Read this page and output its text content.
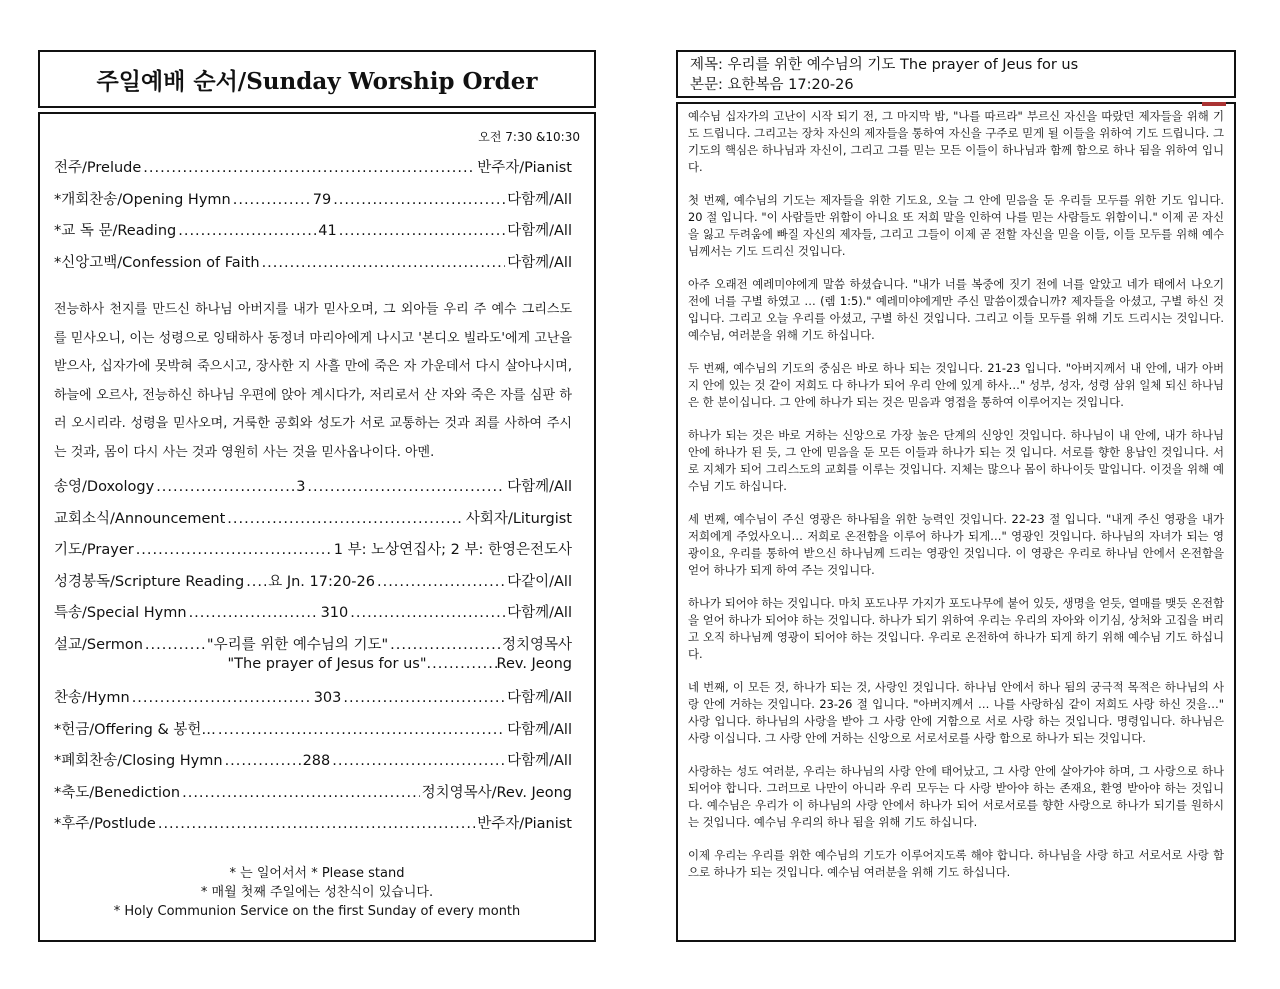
주일예배 순서/Sunday Worship Order
오전 7:30 &10:30
전주/Prelude .....	반주자/Pianist
*개회찬송/Opening Hymn .....	79 .....	다함께/All
*교 독 문/Reading .....	41 .....	다함께/All
*신앙고백/Confession of Faith .....	다함께/All
전능하사 천지를 만드신 하나님 아버지를 내가 믿사오며, 그 외아들 우리 주 예수 그리스도를 믿사오니, 이는 성령으로 잉태하사 동정녀 마리아에게 나시고 '본디오 빌라도'에게 고난을 받으사, 십자가에 못박혀 죽으시고, 장사한 지 사흘 만에 죽은 자 가운데서 다시 살아나시며, 하늘에 오르사, 전능하신 하나님 우편에 앉아 계시다가, 저리로서 산 자와 죽은 자를 심판 하러 오시리라. 성령을 믿사오며, 거룩한 공회와 성도가 서로 교통하는 것과 죄를 사하여 주시는 것과, 몸이 다시 사는 것과 영원히 사는 것을 믿사옵나이다. 아멘.
송영/Doxology .....	3 .....	다함께/All
교회소식/Announcement .....	사회자/Liturgist
기도/Prayer .....	1 부: 노상연집사; 2 부: 한영은전도사
성경봉독/Scripture Reading ..... 요 Jn. 17:20-26 .....	다같이/All
특송/Special Hymn .....	310 .....	다함께/All
설교/Sermon .....	"우리를 위한 예수님의 기도" .....	정치영목사
"The prayer of Jesus for us" .....	Rev. Jeong
찬송/Hymn .....	303 .....	다함께/All
*헌금/Offering & 봉헌… .....	다함께/All
*폐회찬송/Closing Hymn .....	288 .....	다함께/All
*축도/Benediction .....	정치영목사/Rev. Jeong
*후주/Postlude .....	반주자/Pianist
* 는 일어서서 * Please stand
* 매월 첫째 주일에는 성찬식이 있습니다.
* Holy Communion Service on the first Sunday of every month
제목: 우리를 위한 예수님의 기도 The prayer of Jeus for us
본문: 요한복음 17:20-26

예수님 십자가의 고난이 시작 되기 전, 그 마지막 밤, "나를 따르라" 부르신 자신을 따랐던 제자들을 위해 기도 드립니다. 그리고는 장차 자신의 제자들을 통하여 자신을 구주로 믿게 될 이들을 위하여 기도 드립니다. 그 기도의 핵심은 하나님과 자신이, 그리고 그를 믿는 모든 이들이 하나님과 함께 함으로 하나 됨을 위하여 입니다.

첫 번째, 예수님의 기도는 제자들을 위한 기도요, 오늘 그 안에 믿음을 둔 우리들 모두를 위한 기도 입니다. 20 절 입니다. "이 사람들만 위함이 아니요 또 저희 말을 인하여 나를 믿는 사람들도 위함이니." 이제 곧 자신을 잃고 두려움에 빠질 자신의 제자들, 그리고 그들이 이제 곧 전할 자신을 믿을 이들, 이들 모두를 위해 예수님께서는 기도 드리신 것입니다.

아주 오래전 예레미야에게 말씀 하셨습니다. "내가 너를 복중에 짓기 전에 너를 알았고 네가 태에서 나오기 전에 너를 구별 하였고 … (렘 1:5)." 예레미야에게만 주신 말씀이겠습니까? 제자들을 아셨고, 구별 하신 것입니다. 그리고 오늘 우리를 아셨고, 구별 하신 것입니다. 그리고 이들 모두를 위해 기도 드리시는 것입니다. 예수님, 여러분을 위해 기도 하십니다.

두 번째, 예수님의 기도의 중심은 바로 하나 되는 것입니다. 21-23 입니다. "아버지께서 내 안에, 내가 아버지 안에 있는 것 같이 저희도 다 하나가 되어 우리 안에 있게 하사…" 성부, 성자, 성령 삼위 일체 되신 하나님은 한 분이십니다. 그 안에 하나가 되는 것은 믿음과 영접을 통하여 이루어지는 것입니다.

하나가 되는 것은 바로 거하는 신앙으로 가장 높은 단계의 신앙인 것입니다. 하나님이 내 안에, 내가 하나님 안에 하나가 된 듯, 그 안에 믿음을 둔 모든 이들과 하나가 되는 것 입니다. 서로를 향한 용납인 것입니다. 서로 지체가 되어 그리스도의 교회를 이루는 것입니다. 지체는 많으나 몸이 하나이듯 말입니다. 이것을 위해 예수님 기도 하십니다.

세 번째, 예수님이 주신 영광은 하나됨을 위한 능력인 것입니다. 22-23 절 입니다. "내게 주신 영광을 내가 저희에게 주었사오니… 저희로 온전함을 이루어 하나가 되게…" 영광인 것입니다. 하나님의 자녀가 되는 영광이요, 우리를 통하여 받으신 하나님께 드리는 영광인 것입니다. 이 영광은 우리로 하나님 안에서 온전함을 얻어 하나가 되게 하여 주는 것입니다.

하나가 되어야 하는 것입니다. 마치 포도나무 가지가 포도나무에 붙어 있듯, 생명을 얻듯, 열매를 맺듯 온전함을 얻어 하나가 되어야 하는 것입니다. 하나가 되기 위하여 우리는 우리의 자아와 이기심, 상처와 고집을 버리고 오직 하나님께 영광이 되어야 하는 것입니다. 우리로 온전하여 하나가 되게 하기 위해 예수님 기도 하십니다.

네 번째, 이 모든 것, 하나가 되는 것, 사랑인 것입니다. 하나님 안에서 하나 됨의 궁극적 목적은 하나님의 사랑 안에 거하는 것입니다. 23-26 절 입니다. "아버지께서 … 나를 사랑하심 같이 저희도 사랑 하신 것을…" 사랑 입니다. 하나님의 사랑을 받아 그 사랑 안에 거함으로 서로 사랑 하는 것입니다. 명령입니다. 하나님은 사랑 이십니다. 그 사랑 안에 거하는 신앙으로 서로서로를 사랑 함으로 하나가 되는 것입니다.

사랑하는 성도 여러분, 우리는 하나님의 사랑 안에 태어났고, 그 사랑 안에 살아가야 하며, 그 사랑으로 하나 되어야 합니다. 그러므로 나만이 아니라 우리 모두는 다 사랑 받아야 하는 존재요, 환영 받아야 하는 것입니다. 예수님은 우리가 이 하나님의 사랑 안에서 하나가 되어 서로서로를 향한 사랑으로 하나가 되기를 원하시는 것입니다. 예수님 우리의 하나 됨을 위해 기도 하십니다.

이제 우리는 우리를 위한 예수님의 기도가 이루어지도록 해야 합니다. 하나님을 사랑 하고 서로서로 사랑 함으로 하나가 되는 것입니다. 예수님 여러분을 위해 기도 하십니다.
